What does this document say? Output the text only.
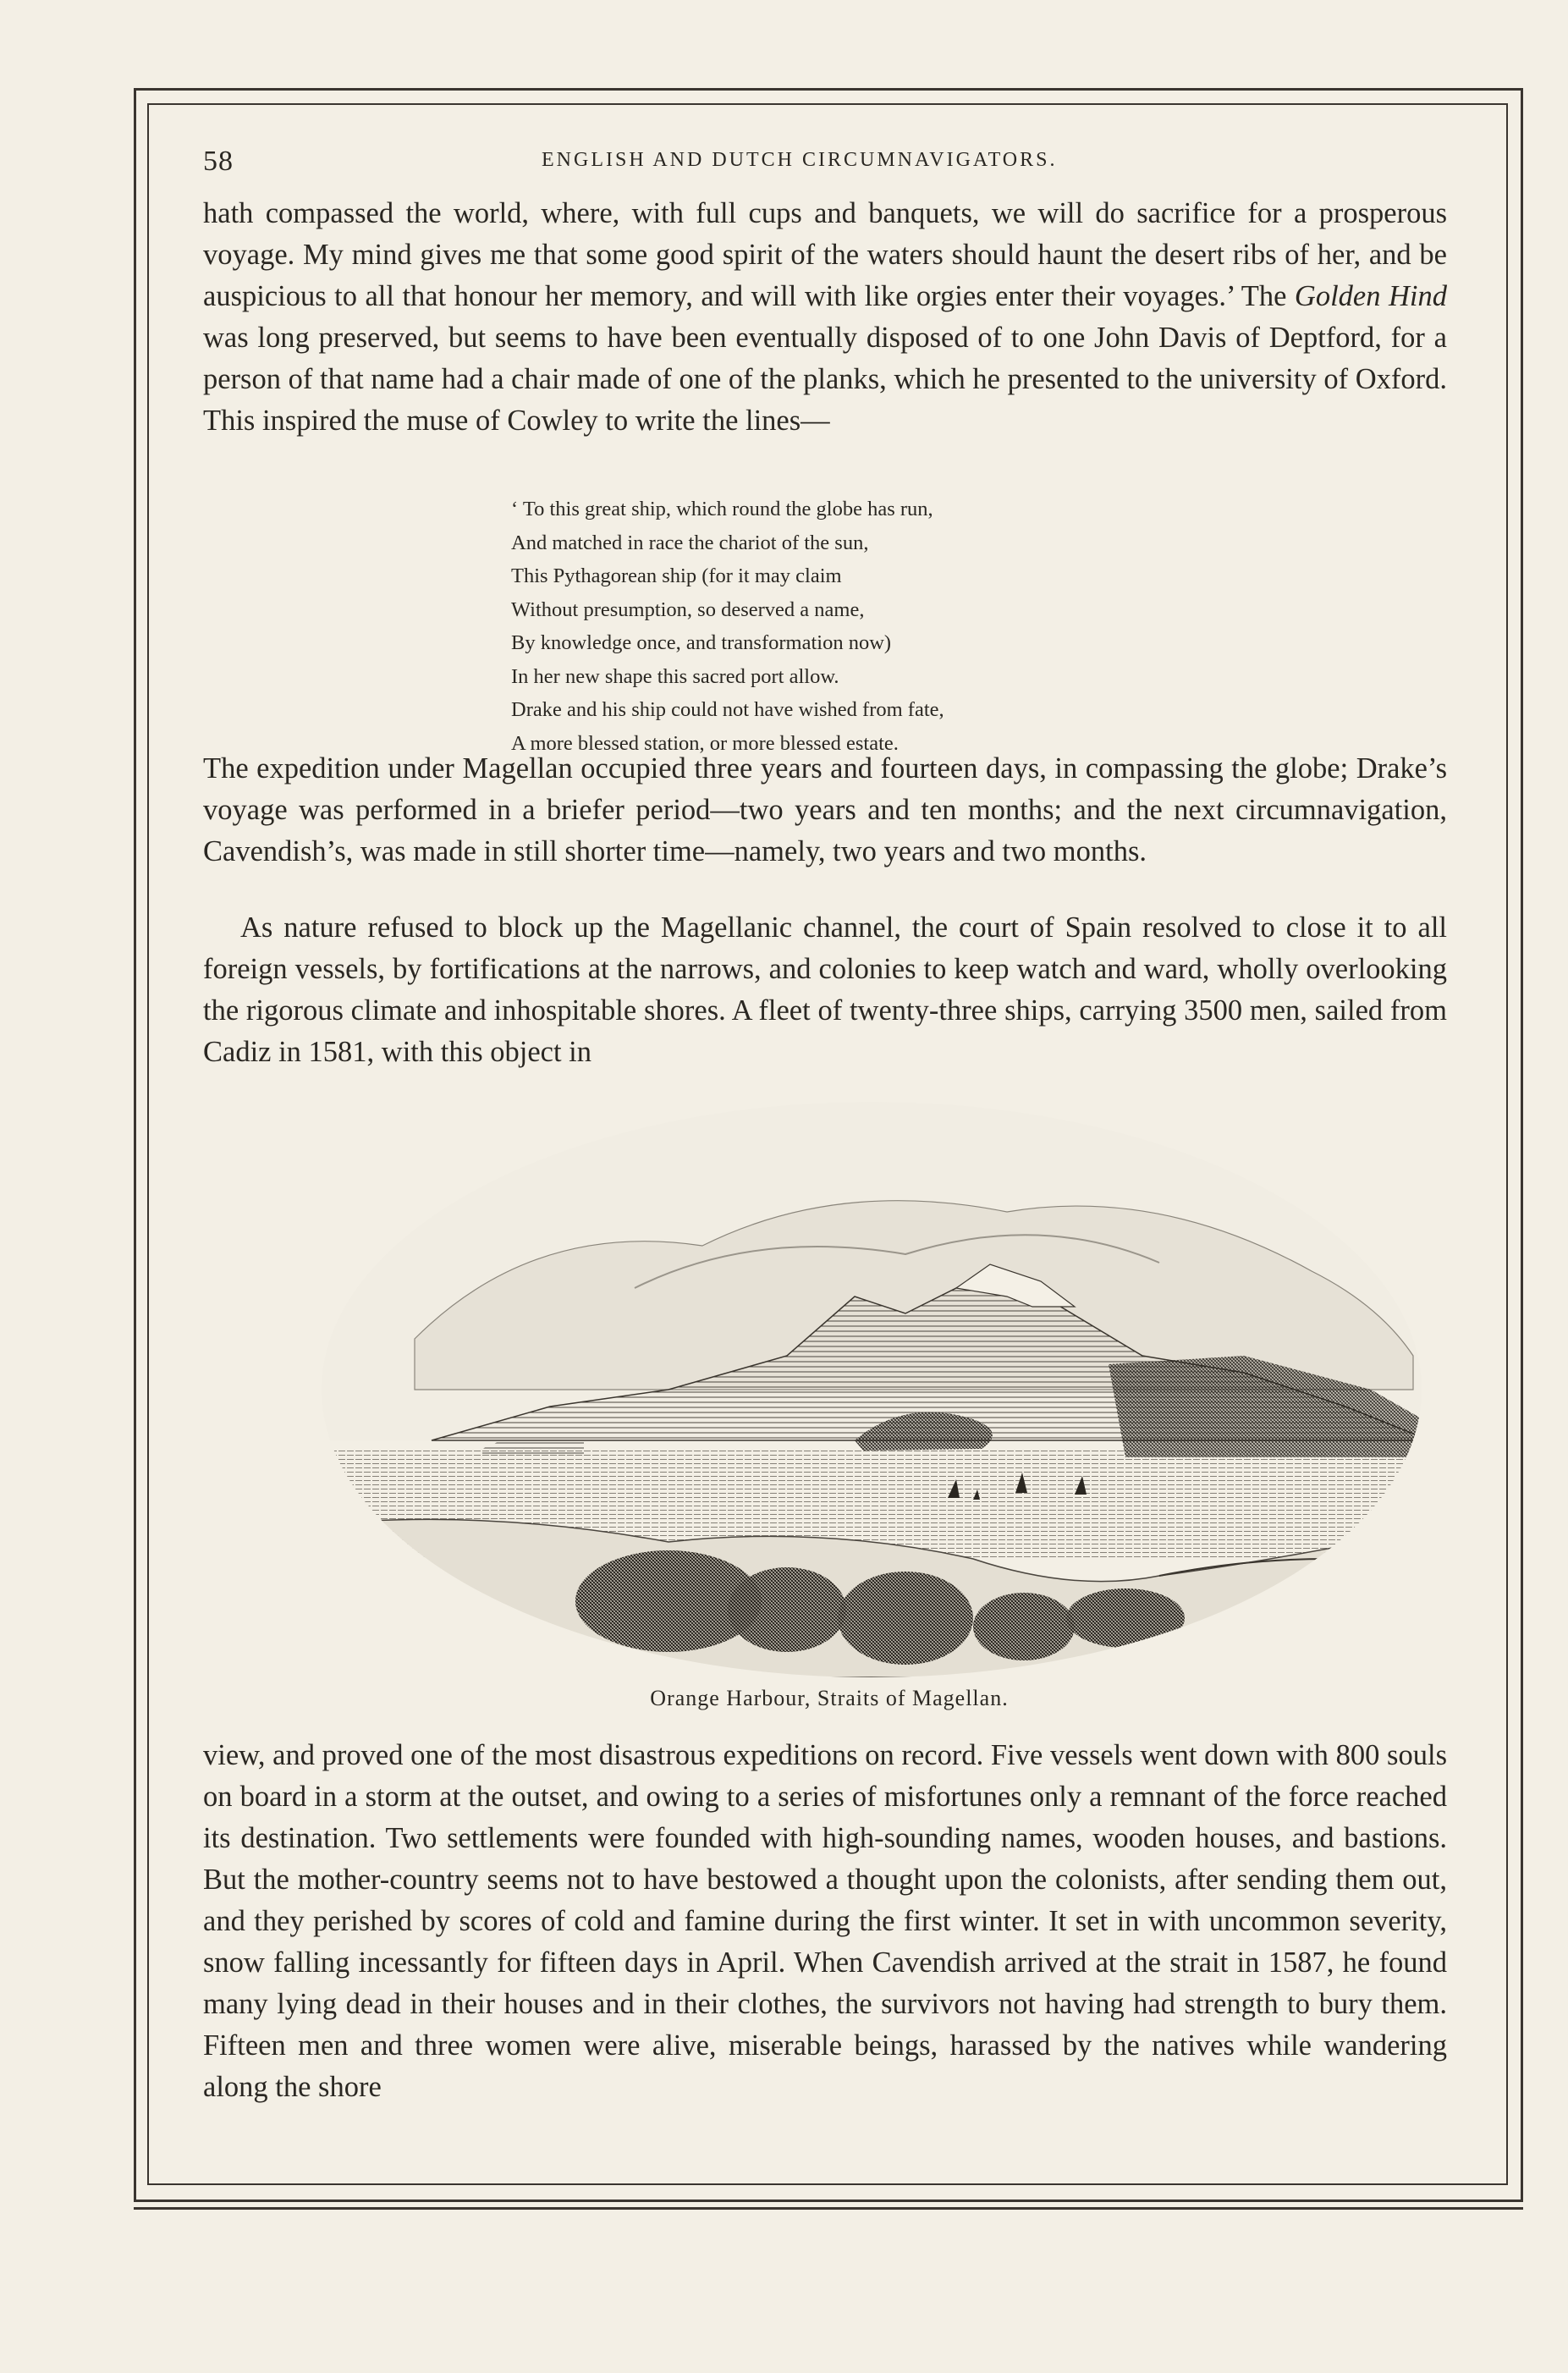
58	ENGLISH AND DUTCH CIRCUMNAVIGATORS.

hath compassed the world, where, with full cups and banquets, we will do sacrifice for a prosperous voyage. My mind gives me that some good spirit of the waters should haunt the desert ribs of her, and be auspicious to all that honour her memory, and will with like orgies enter their voyages.’ The Golden Hind was long preserved, but seems to have been eventually disposed of to one John Davis of Deptford, for a person of that name had a chair made of one of the planks, which he presented to the university of Oxford. This inspired the muse of Cowley to write the lines—

‘ To this great ship, which round the globe has run,
And matched in race the chariot of the sun,
This Pythagorean ship (for it may claim
Without presumption, so deserved a name,
By knowledge once, and transformation now)
In her new shape this sacred port allow.
Drake and his ship could not have wished from fate,
A more blessed station, or more blessed estate.

The expedition under Magellan occupied three years and fourteen days, in compassing the globe; Drake’s voyage was performed in a briefer period—two years and ten months; and the next circumnavigation, Cavendish’s, was made in still shorter time—namely, two years and two months.

As nature refused to block up the Magellanic channel, the court of Spain resolved to close it to all foreign vessels, by fortifications at the narrows, and colonies to keep watch and ward, wholly overlooking the rigorous climate and inhospitable shores. A fleet of twenty-three ships, carrying 3500 men, sailed from Cadiz in 1581, with this object in

Orange Harbour, Straits of Magellan.

view, and proved one of the most disastrous expeditions on record. Five vessels went down with 800 souls on board in a storm at the outset, and owing to a series of misfortunes only a remnant of the force reached its destination. Two settlements were founded with high-sounding names, wooden houses, and bastions. But the mother-country seems not to have bestowed a thought upon the colonists, after sending them out, and they perished by scores of cold and famine during the first winter. It set in with uncommon severity, snow falling incessantly for fifteen days in April. When Cavendish arrived at the strait in 1587, he found many lying dead in their houses and in their clothes, the survivors not having had strength to bury them. Fifteen men and three women were alive, miserable beings, harassed by the natives while wandering along the shore
